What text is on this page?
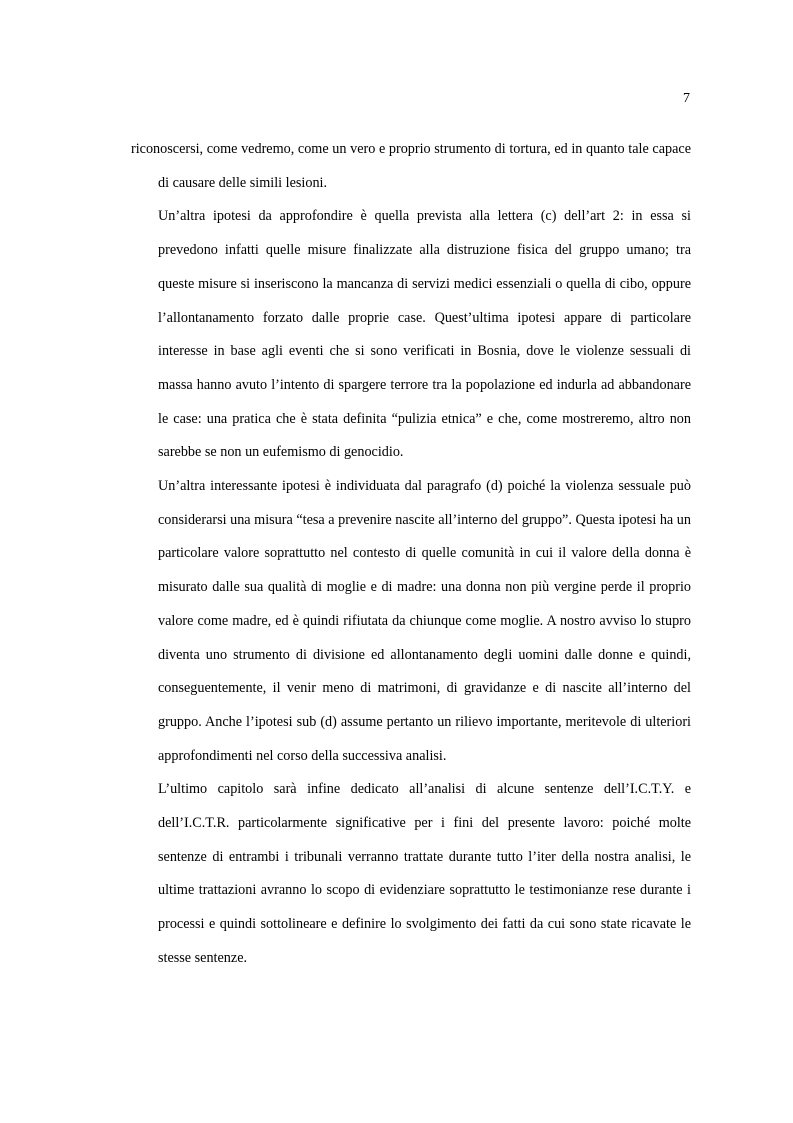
7

riconoscersi, come vedremo, come un vero e proprio strumento di tortura, ed in quanto tale capace di causare delle simili lesioni.

Un’altra ipotesi da approfondire è quella prevista alla lettera (c) dell’art 2: in essa si prevedono infatti quelle misure finalizzate alla distruzione fisica del gruppo umano; tra queste misure si inseriscono la mancanza di servizi medici essenziali o quella di cibo, oppure l’allontanamento forzato dalle proprie case. Quest’ultima ipotesi appare di particolare interesse in base agli eventi che si sono verificati in Bosnia, dove le violenze sessuali di massa hanno avuto l’intento di spargere terrore tra la popolazione ed indurla ad abbandonare le case: una pratica che è stata definita “pulizia etnica” e che, come mostreremo, altro non sarebbe se non un eufemismo di genocidio.

Un’altra interessante ipotesi è individuata dal paragrafo (d) poiché la violenza sessuale può considerarsi una misura “tesa a prevenire nascite all’interno del gruppo”. Questa ipotesi ha un particolare valore soprattutto nel contesto di quelle comunità in cui il valore della donna è misurato dalle sua qualità di moglie e di madre: una donna non più vergine perde il proprio valore come madre, ed è quindi rifiutata da chiunque come moglie. A nostro avviso lo stupro diventa uno strumento di divisione ed allontanamento degli uomini dalle donne e quindi, conseguentemente, il venir meno di matrimoni, di gravidanze e di nascite all’interno del gruppo. Anche l’ipotesi sub (d) assume pertanto un rilievo importante, meritevole di ulteriori approfondimenti nel corso della successiva analisi.

L’ultimo capitolo sarà infine dedicato all’analisi di alcune sentenze dell’I.C.T.Y. e dell’I.C.T.R. particolarmente significative per i fini del presente lavoro: poiché molte sentenze di entrambi i tribunali verranno trattate durante tutto l’iter della nostra analisi, le ultime trattazioni avranno lo scopo di evidenziare soprattutto le testimonianze rese durante i processi e quindi sottolineare e definire lo svolgimento dei fatti da cui sono state ricavate le stesse sentenze.
